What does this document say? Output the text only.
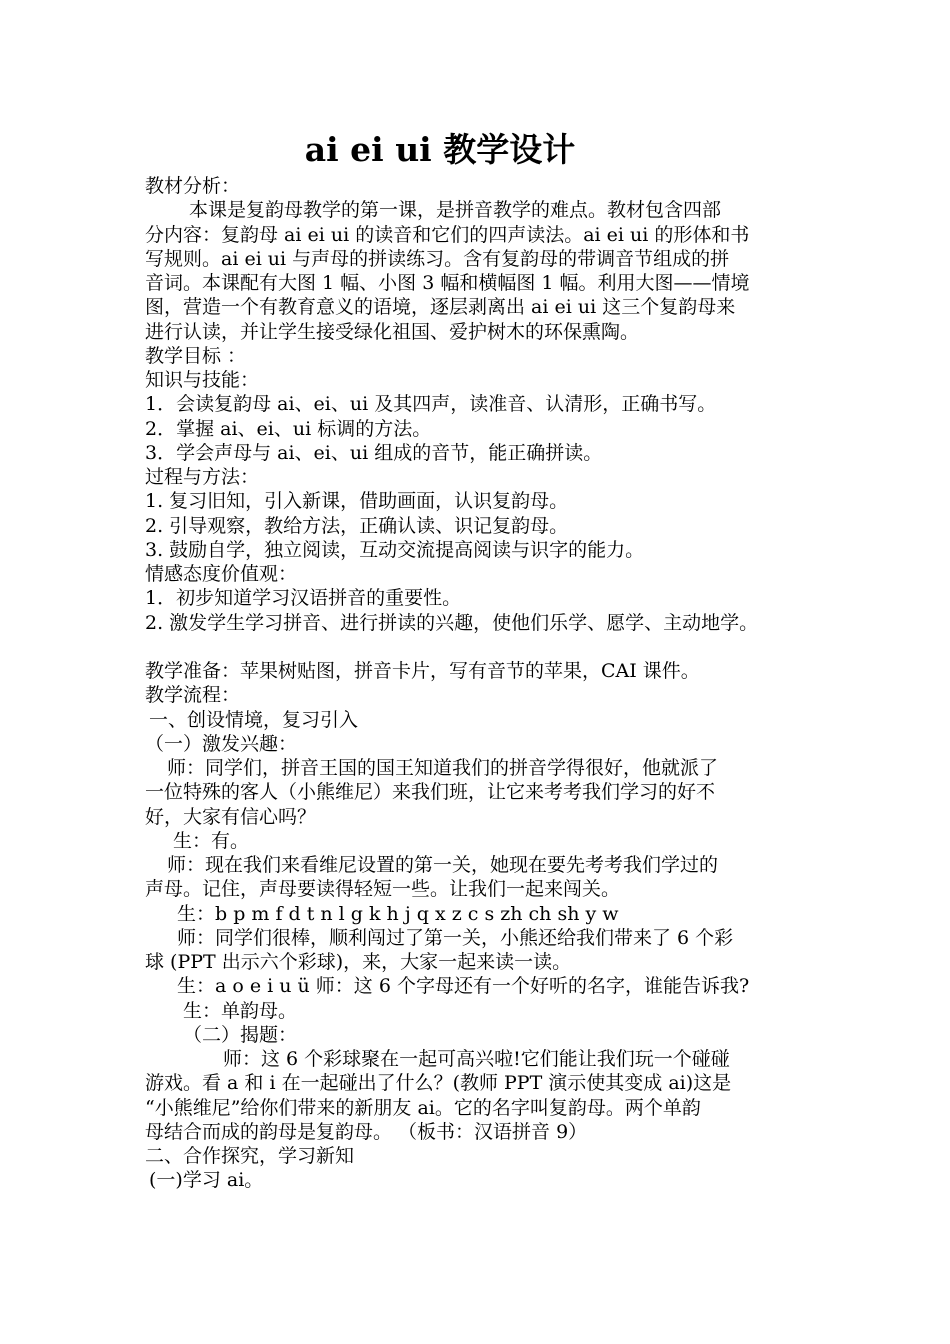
ai ei ui 教学设计
教材分析：
本课是复韵母教学的第一课，是拼音教学的难点。教材包含四部
分内容：复韵母 ai ei ui 的读音和它们的四声读法。ai ei ui 的形体和书
写规则。ai ei ui 与声母的拼读练习。含有复韵母的带调音节组成的拼
音词。本课配有大图 1 幅、小图 3 幅和横幅图 1 幅。利用大图——情境
图，营造一个有教育意义的语境，逐层剥离出 ai ei ui 这三个复韵母来
进行认读，并让学生接受绿化祖国、爱护树木的环保熏陶。
教学目标 ：
知识与技能：
1．会读复韵母 ai、ei、ui 及其四声，读准音、认清形，正确书写。
2．掌握 ai、ei、ui 标调的方法。
3．学会声母与 ai、ei、ui 组成的音节，能正确拼读。
过程与方法：
1. 复习旧知，引入新课，借助画面，认识复韵母。
2. 引导观察，教给方法，正确认读、识记复韵母。
3. 鼓励自学，独立阅读，互动交流提高阅读与识字的能力。
情感态度价值观：
1．初步知道学习汉语拼音的重要性。
2. 激发学生学习拼音、进行拼读的兴趣，使他们乐学、愿学、主动地学。
教学准备：苹果树贴图，拼音卡片，写有音节的苹果，CAI 课件。
教学流程：
一、创设情境，复习引入
（一）激发兴趣：
师：同学们，拼音王国的国王知道我们的拼音学得很好，他就派了
一位特殊的客人（小熊维尼）来我们班，让它来考考我们学习的好不
好，大家有信心吗？
生：有。
师：现在我们来看维尼设置的第一关，她现在要先考考我们学过的
声母。记住，声母要读得轻短一些。让我们一起来闯关。
生：b p m f d t n l g k h j q x z c s zh ch sh y w
师：同学们很棒，顺利闯过了第一关，小熊还给我们带来了 6 个彩
球 (PPT 出示六个彩球)，来，大家一起来读一读。
生：a o e i u ü 师：这 6 个字母还有一个好听的名字，谁能告诉我?
生：单韵母。
（二）揭题：
师：这 6 个彩球聚在一起可高兴啦!它们能让我们玩一个碰碰
游戏。看 a 和 i 在一起碰出了什么？(教师 PPT 演示使其变成 ai)这是
“小熊维尼”给你们带来的新朋友 ai。它的名字叫复韵母。两个单韵
母结合而成的韵母是复韵母。 （板书：汉语拼音 9）
二、合作探究，学习新知
(一)学习 ai。
